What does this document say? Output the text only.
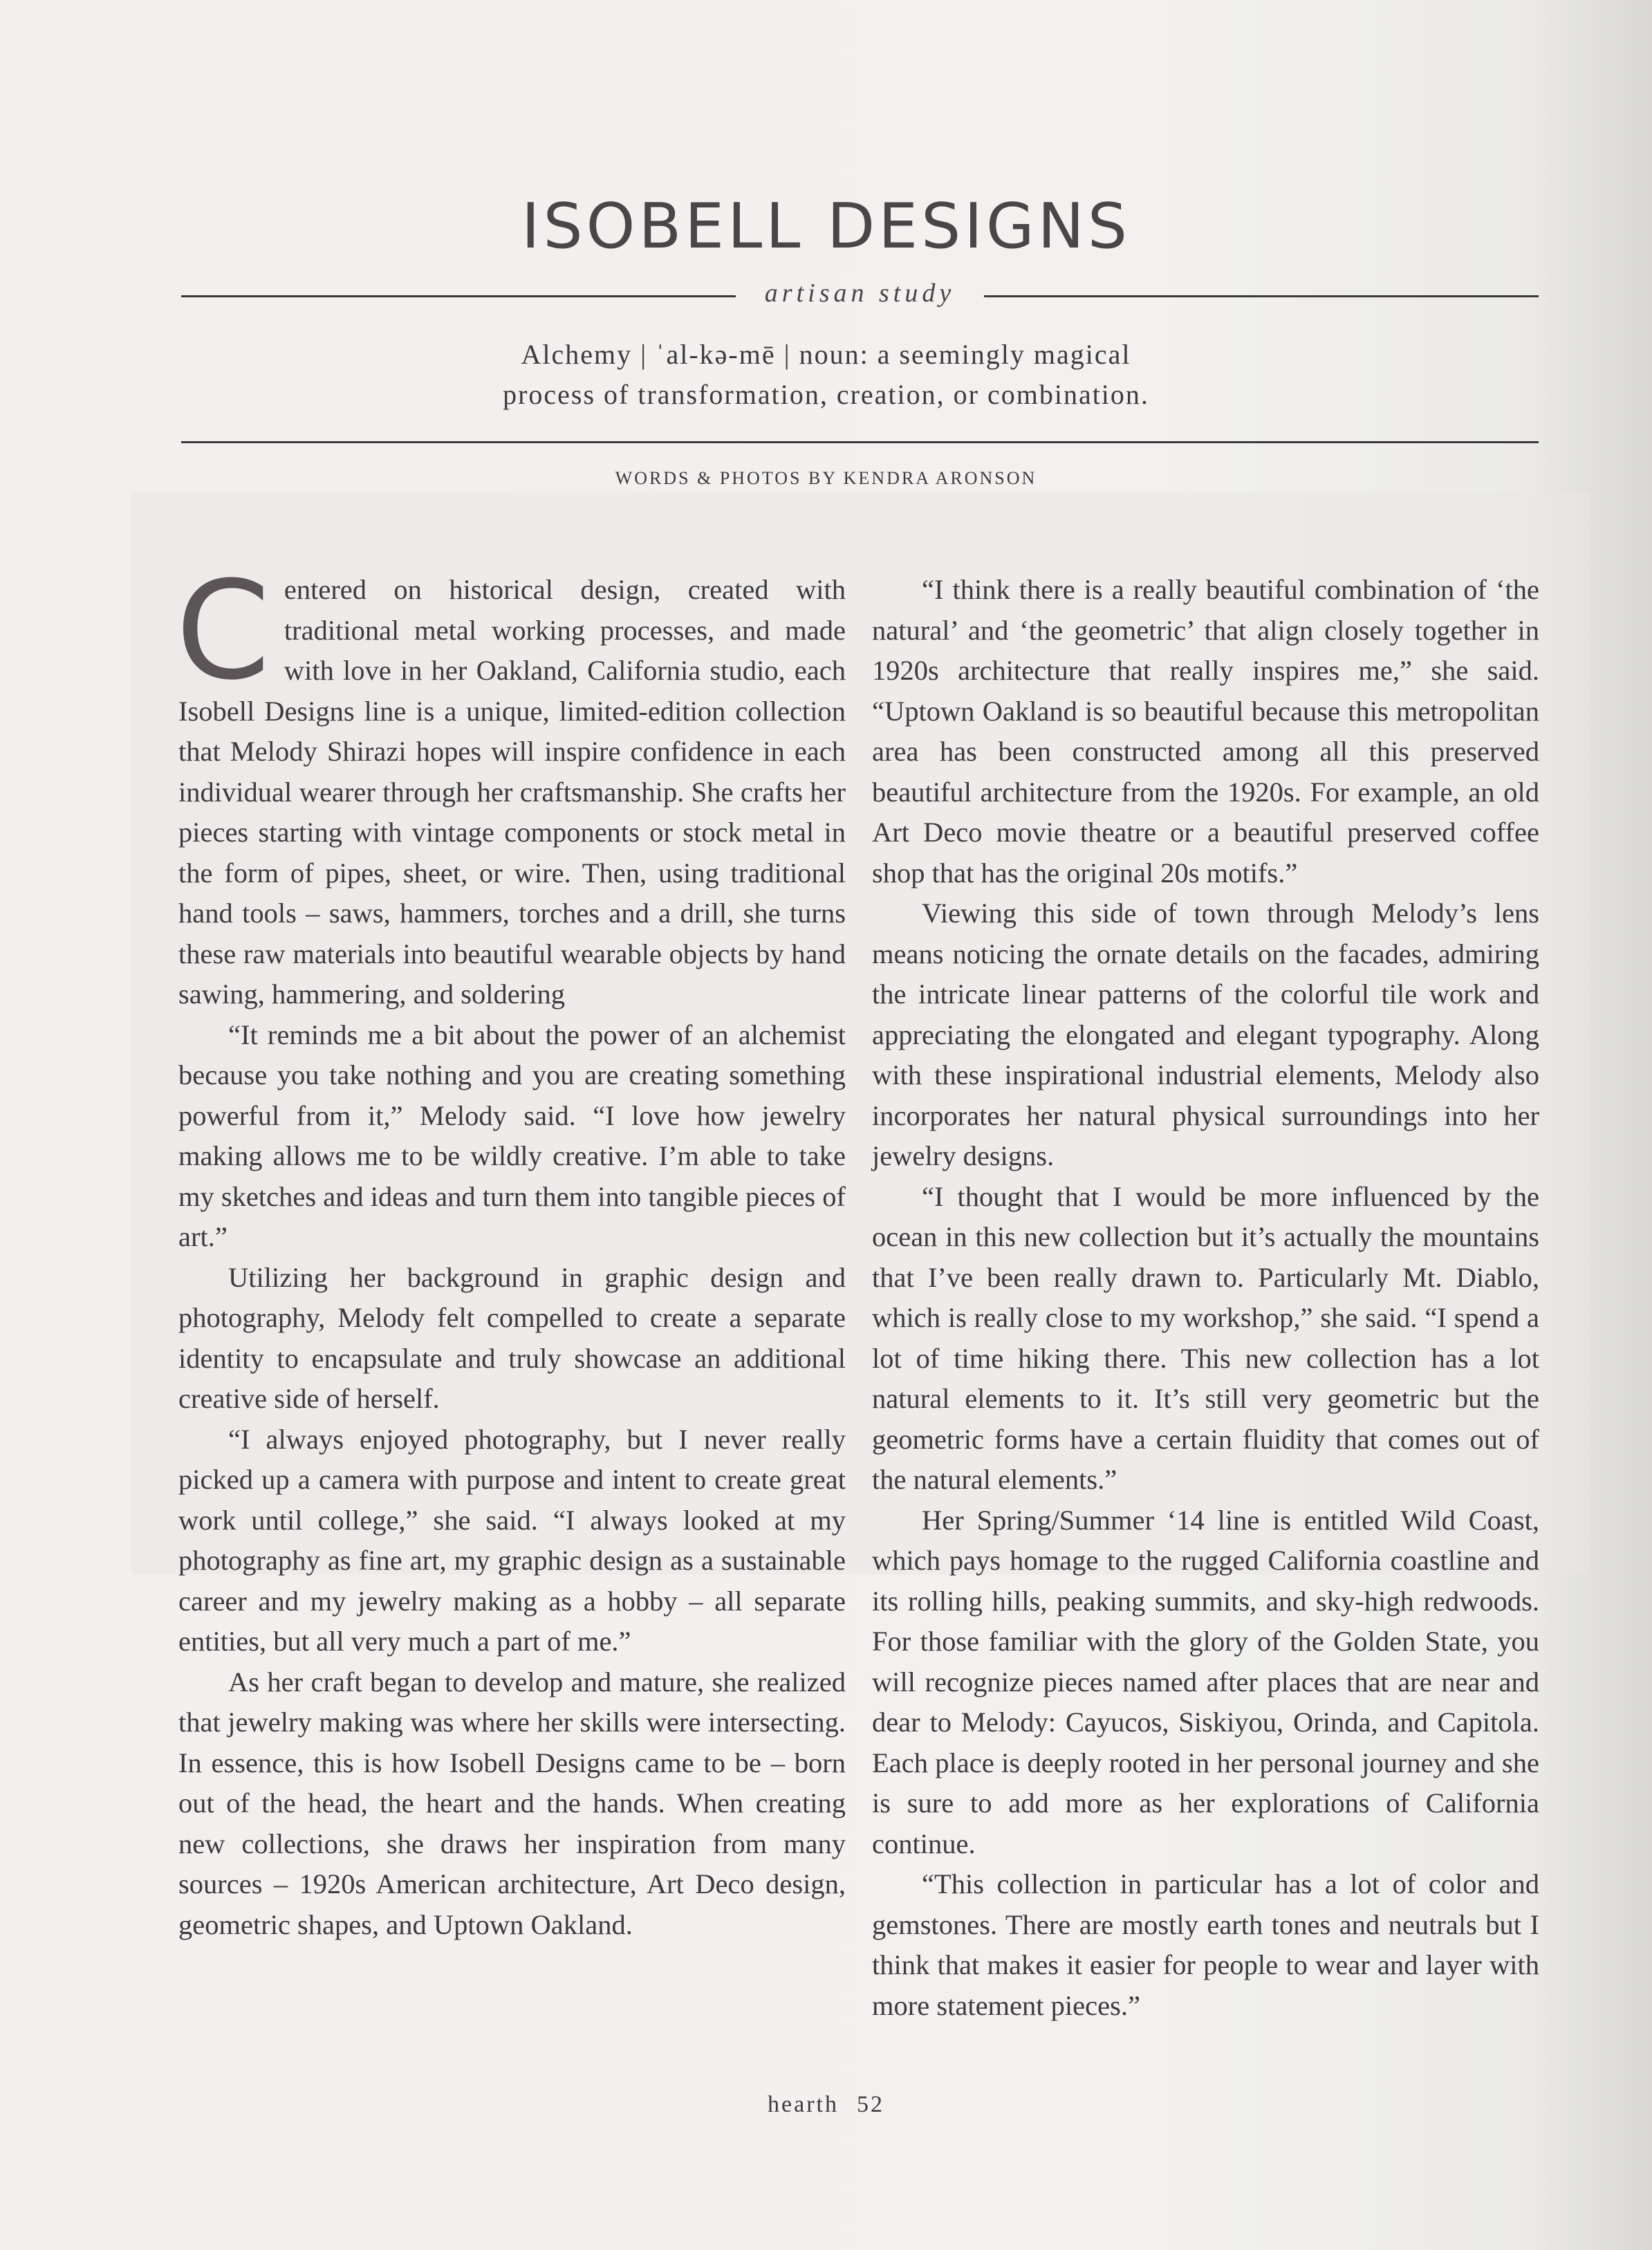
ISOBELL DESIGNS
artisan study
Alchemy | ˈal-kə-mē | noun: a seemingly magical
process of transformation, creation, or combination.
WORDS & PHOTOS BY KENDRA ARONSON

Centered on historical design, created with traditional metal working processes, and made with love in her Oakland, California studio, each Isobell Designs line is a unique, limited-edition collection that Melody Shirazi hopes will inspire confidence in each individual wearer through her craftsmanship. She crafts her pieces starting with vintage components or stock metal in the form of pipes, sheet, or wire. Then, using traditional hand tools – saws, hammers, torches and a drill, she turns these raw materials into beautiful wearable objects by hand sawing, hammering, and soldering

“It reminds me a bit about the power of an alchemist because you take nothing and you are creating something powerful from it,” Melody said. “I love how jewelry making allows me to be wildly creative. I’m able to take my sketches and ideas and turn them into tangible pieces of art.”

Utilizing her background in graphic design and photography, Melody felt compelled to create a separate identity to encapsulate and truly showcase an additional creative side of herself.

“I always enjoyed photography, but I never really picked up a camera with purpose and intent to create great work until college,” she said. “I always looked at my photography as fine art, my graphic design as a sustainable career and my jewelry making as a hobby – all separate entities, but all very much a part of me.”

As her craft began to develop and mature, she realized that jewelry making was where her skills were intersecting. In essence, this is how Isobell Designs came to be – born out of the head, the heart and the hands. When creating new collections, she draws her inspiration from many sources – 1920s American architecture, Art Deco design, geometric shapes, and Uptown Oakland.

“I think there is a really beautiful combination of ‘the natural’ and ‘the geometric’ that align closely together in 1920s architecture that really inspires me,” she said. “Uptown Oakland is so beautiful because this metropolitan area has been constructed among all this preserved beautiful architecture from the 1920s. For example, an old Art Deco movie theatre or a beautiful preserved coffee shop that has the original 20s motifs.”

Viewing this side of town through Melody’s lens means noticing the ornate details on the facades, admiring the intricate linear patterns of the colorful tile work and appreciating the elongated and elegant typography. Along with these inspirational industrial elements, Melody also incorporates her natural physical surroundings into her jewelry designs.

“I thought that I would be more influenced by the ocean in this new collection but it’s actually the mountains that I’ve been really drawn to. Particularly Mt. Diablo, which is really close to my workshop,” she said. “I spend a lot of time hiking there. This new collection has a lot natural elements to it. It’s still very geometric but the geometric forms have a certain fluidity that comes out of the natural elements.”

Her Spring/Summer ‘14 line is entitled Wild Coast, which pays homage to the rugged California coastline and its rolling hills, peaking summits, and sky-high redwoods. For those familiar with the glory of the Golden State, you will recognize pieces named after places that are near and dear to Melody: Cayucos, Siskiyou, Orinda, and Capitola. Each place is deeply rooted in her personal journey and she is sure to add more as her explorations of California continue.

“This collection in particular has a lot of color and gemstones. There are mostly earth tones and neutrals but I think that makes it easier for people to wear and layer with more statement pieces.”

hearth 52
